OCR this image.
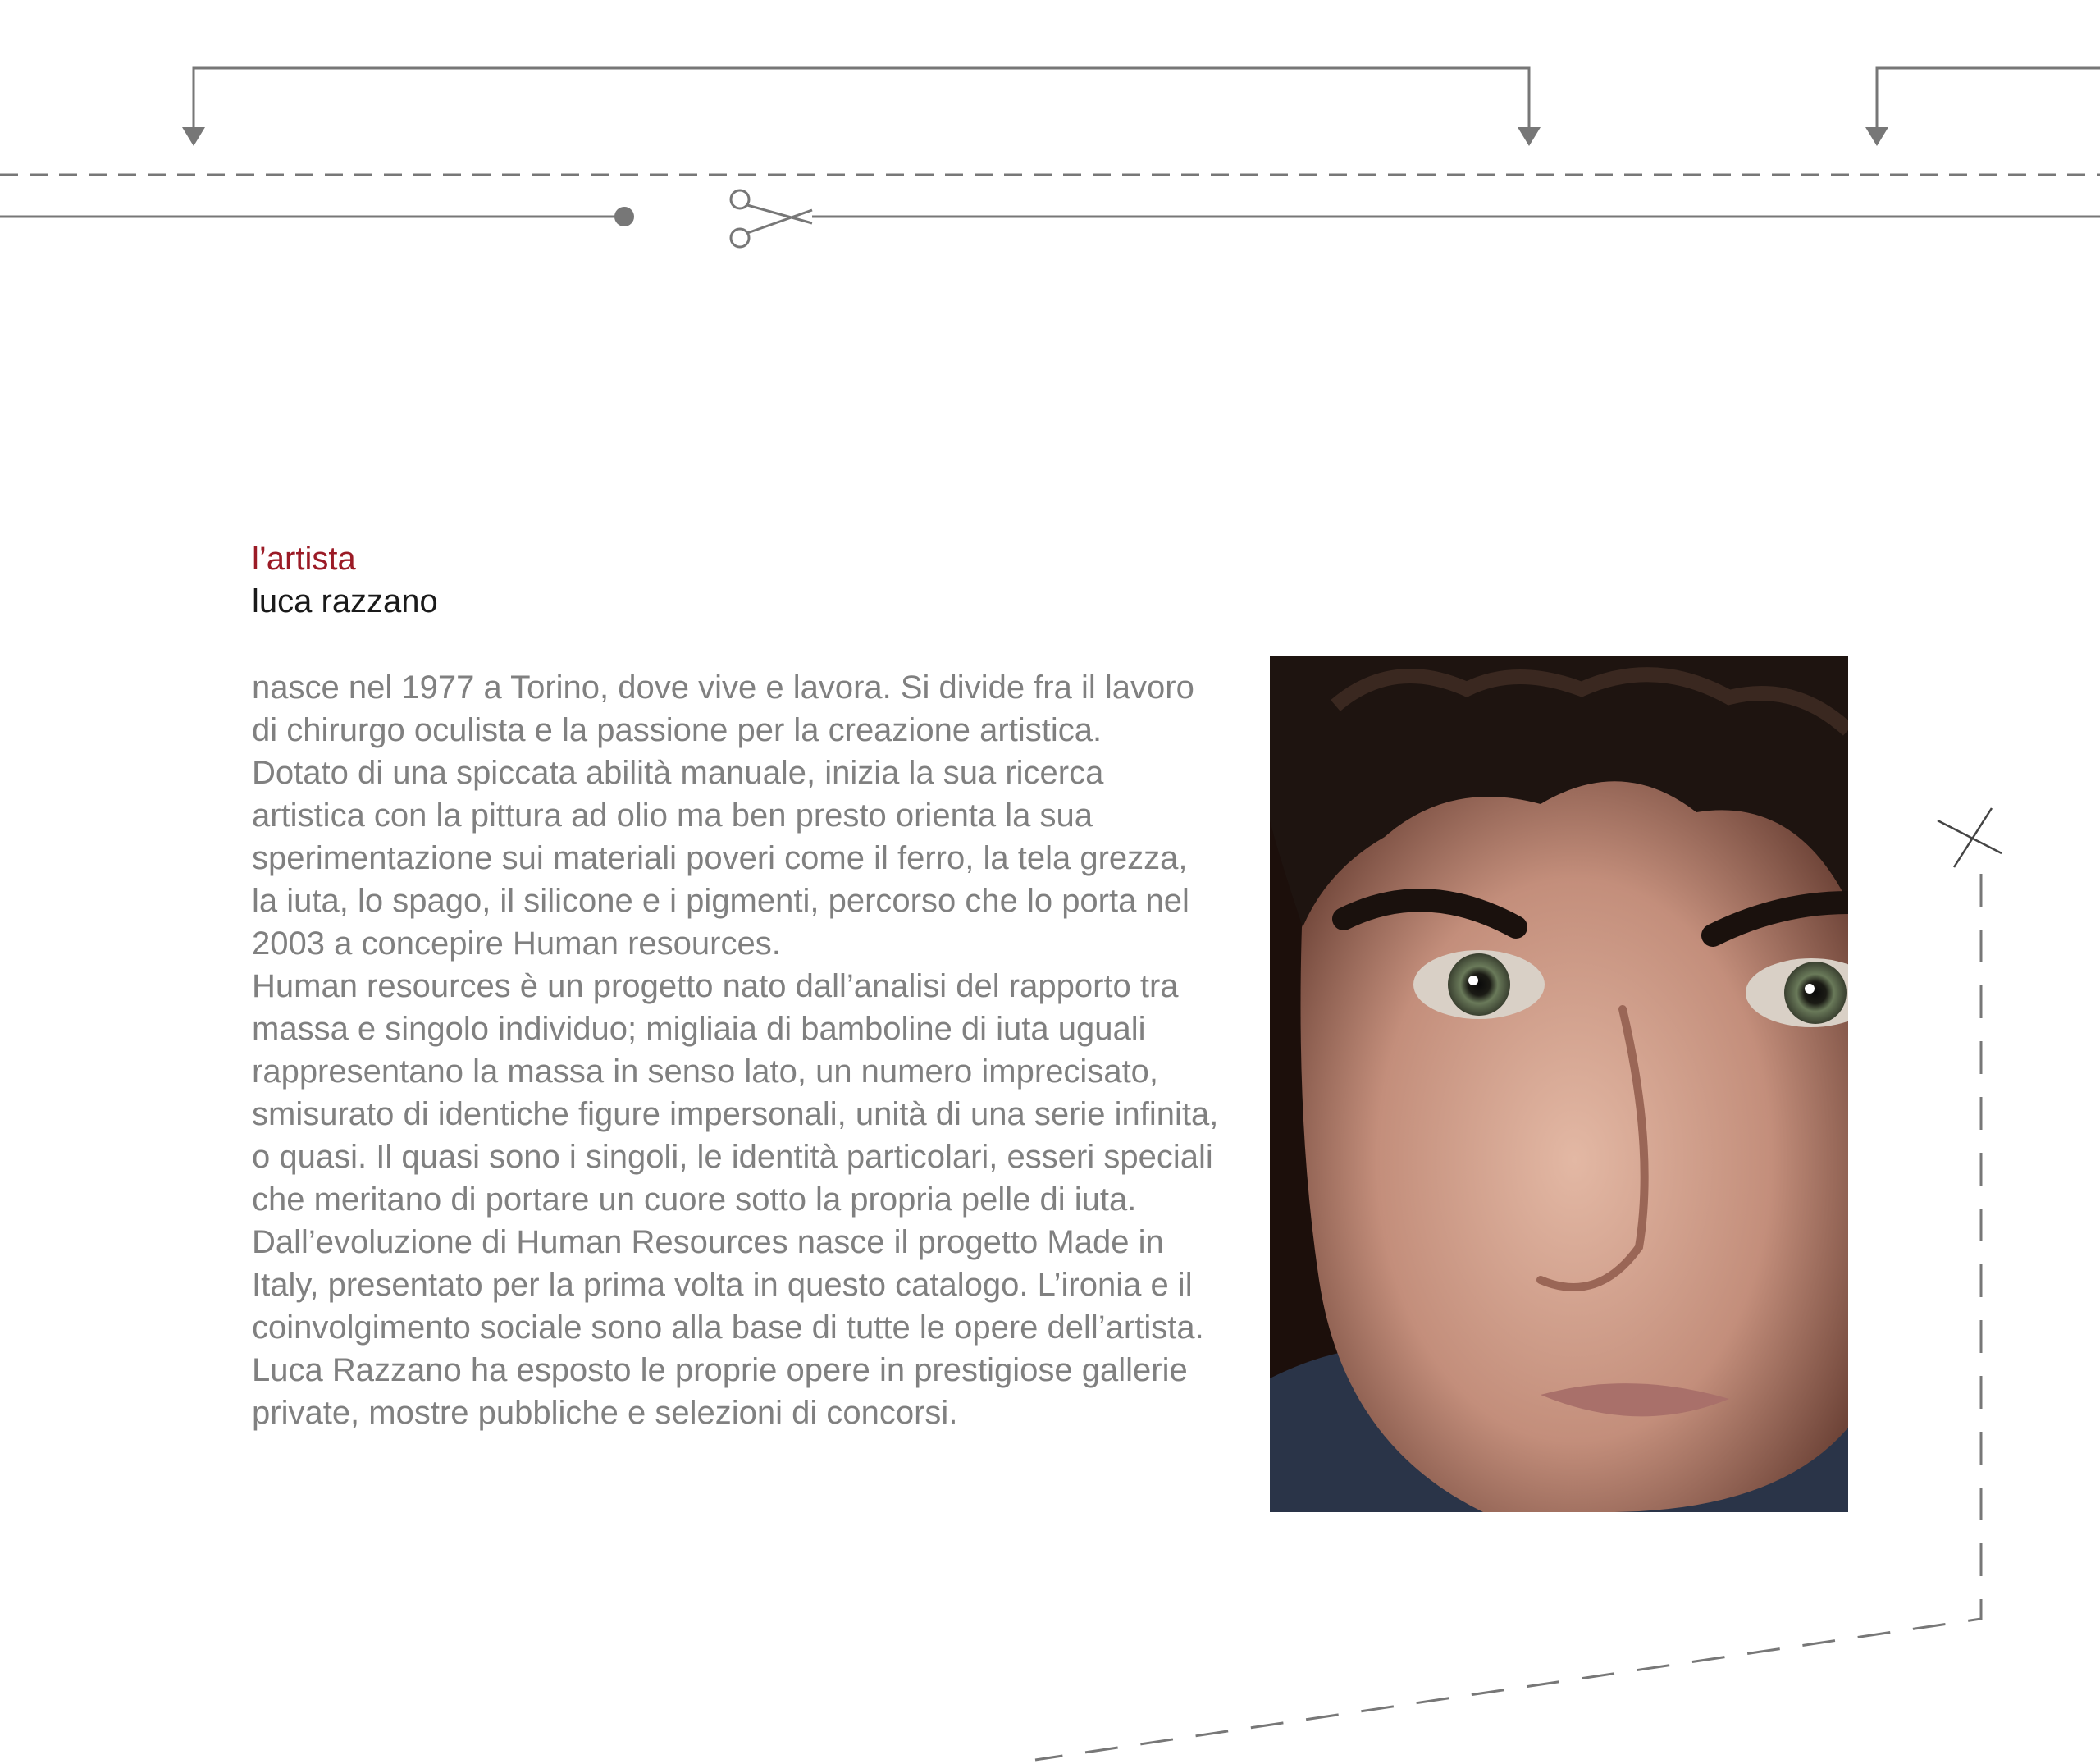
l’artista
luca razzano

nasce nel 1977 a Torino, dove vive e lavora. Si divide fra il lavoro di chirurgo oculista e la passione per la creazione artistica.

Dotato di una spiccata abilità manuale, inizia la sua ricerca artistica con la pittura ad olio ma ben presto orienta la sua sperimentazione sui materiali poveri come il ferro, la tela grezza, la iuta, lo spago, il silicone e i pigmenti, percorso che lo porta nel 2003 a concepire Human resources.

Human resources è un progetto nato dall’analisi del rapporto tra massa e singolo individuo; migliaia di bamboline di iuta uguali rappresentano la massa in senso lato, un numero imprecisato, smisurato di identiche figure impersonali, unità di una serie infinita, o quasi. Il quasi sono i singoli, le identità particolari, esseri speciali che meritano di portare un cuore sotto la propria pelle di iuta. Dall’evoluzione di Human Resources nasce il progetto Made in Italy, presentato per la prima volta in questo catalogo. L’ironia e il coinvolgimento sociale sono alla base di tutte le opere dell’artista.

Luca Razzano ha esposto le proprie opere in prestigiose gallerie private, mostre pubbliche e selezioni di concorsi.
